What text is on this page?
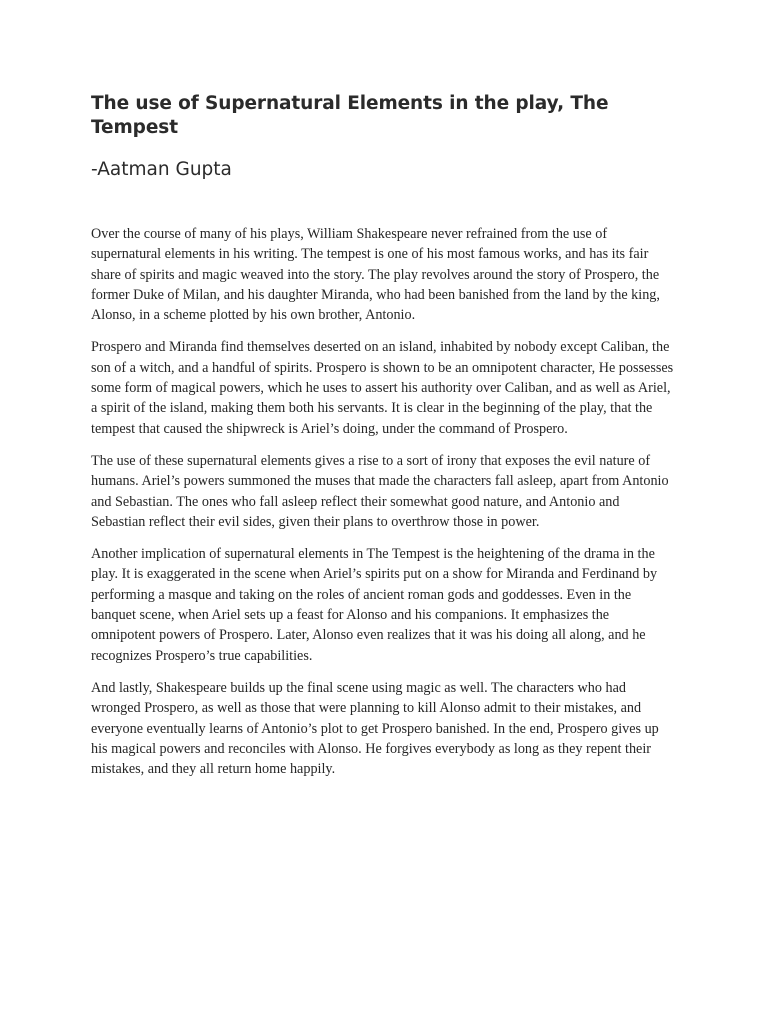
The use of Supernatural Elements in the play, The Tempest
-Aatman Gupta

Over the course of many of his plays, William Shakespeare never refrained from the use of supernatural elements in his writing. The tempest is one of his most famous works, and has its fair share of spirits and magic weaved into the story. The play revolves around the story of Prospero, the former Duke of Milan, and his daughter Miranda, who had been banished from the land by the king, Alonso, in a scheme plotted by his own brother, Antonio.

Prospero and Miranda find themselves deserted on an island, inhabited by nobody except Caliban, the son of a witch, and a handful of spirits. Prospero is shown to be an omnipotent character, He possesses some form of magical powers, which he uses to assert his authority over Caliban, and as well as Ariel, a spirit of the island, making them both his servants. It is clear in the beginning of the play, that the tempest that caused the shipwreck is Ariel’s doing, under the command of Prospero.

The use of these supernatural elements gives a rise to a sort of irony that exposes the evil nature of humans. Ariel’s powers summoned the muses that made the characters fall asleep, apart from Antonio and Sebastian. The ones who fall asleep reflect their somewhat good nature, and Antonio and Sebastian reflect their evil sides, given their plans to overthrow those in power.

Another implication of supernatural elements in The Tempest is the heightening of the drama in the play. It is exaggerated in the scene when Ariel’s spirits put on a show for Miranda and Ferdinand by performing a masque and taking on the roles of ancient roman gods and goddesses. Even in the banquet scene, when Ariel sets up a feast for Alonso and his companions. It emphasizes the omnipotent powers of Prospero. Later, Alonso even realizes that it was his doing all along, and he recognizes Prospero’s true capabilities.

And lastly, Shakespeare builds up the final scene using magic as well. The characters who had wronged Prospero, as well as those that were planning to kill Alonso admit to their mistakes, and everyone eventually learns of Antonio’s plot to get Prospero banished. In the end, Prospero gives up his magical powers and reconciles with Alonso. He forgives everybody as long as they repent their mistakes, and they all return home happily.
